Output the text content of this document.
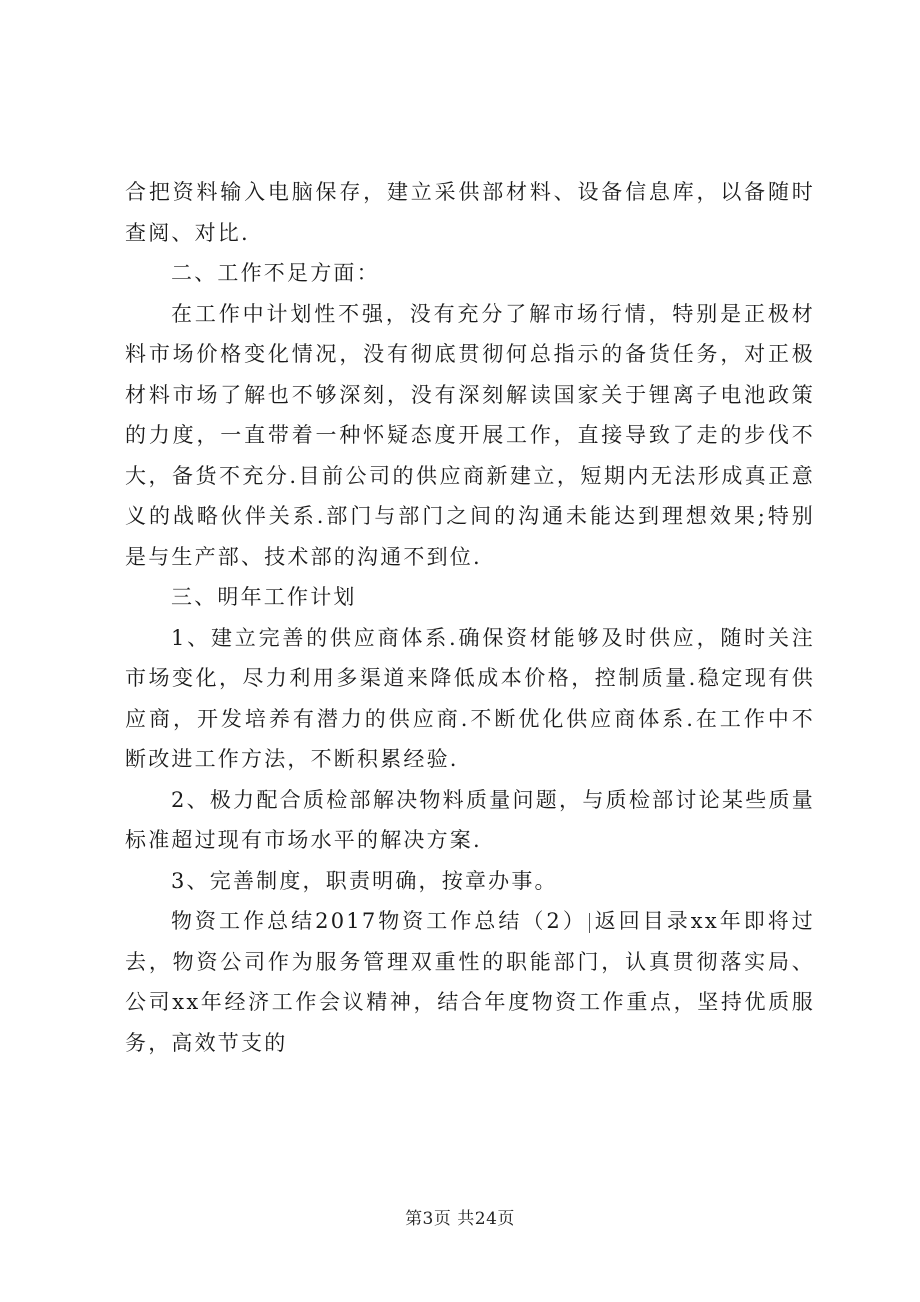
合把资料输入电脑保存，建立采供部材料、设备信息库，以备随时查阅、对比.

二、工作不足方面：

在工作中计划性不强，没有充分了解市场行情，特别是正极材料市场价格变化情况，没有彻底贯彻何总指示的备货任务，对正极材料市场了解也不够深刻，没有深刻解读国家关于锂离子电池政策的力度，一直带着一种怀疑态度开展工作，直接导致了走的步伐不大，备货不充分.目前公司的供应商新建立，短期内无法形成真正意义的战略伙伴关系.部门与部门之间的沟通未能达到理想效果;特别是与生产部、技术部的沟通不到位.

三、明年工作计划

1、建立完善的供应商体系.确保资材能够及时供应，随时关注市场变化，尽力利用多渠道来降低成本价格，控制质量.稳定现有供应商，开发培养有潜力的供应商.不断优化供应商体系.在工作中不断改进工作方法，不断积累经验.

2、极力配合质检部解决物料质量问题，与质检部讨论某些质量标准超过现有市场水平的解决方案.

3、完善制度，职责明确，按章办事。

物资工作总结2017物资工作总结（2） 返回目录xx年即将过去，物资公司作为服务管理双重性的职能部门，认真贯彻落实局、公司xx年经济工作会议精神，结合年度物资工作重点，坚持优质服务，高效节支的

第3页 共24页
